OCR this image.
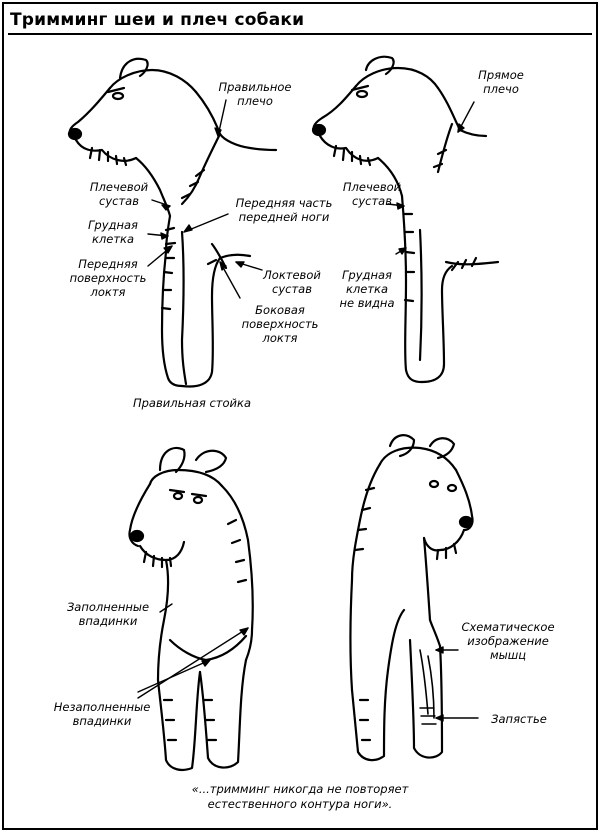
Тримминг шеи и плеч собаки
Правильное
плечо
Плечевой
сустав
Грудная
клетка
Передняя
поверхность
локтя
Передняя часть
передней ноги
Локтевой
сустав
Боковая
поверхность
локтя
Правильная стойка
Прямое
плечо
Плечевой
сустав
Грудная
клетка
не видна
Заполненные
впадинки
Незаполненные
впадинки
Схематическое
изображение
мышц
Запястье
«...тримминг никогда не повторяет
естественного контура ноги».
